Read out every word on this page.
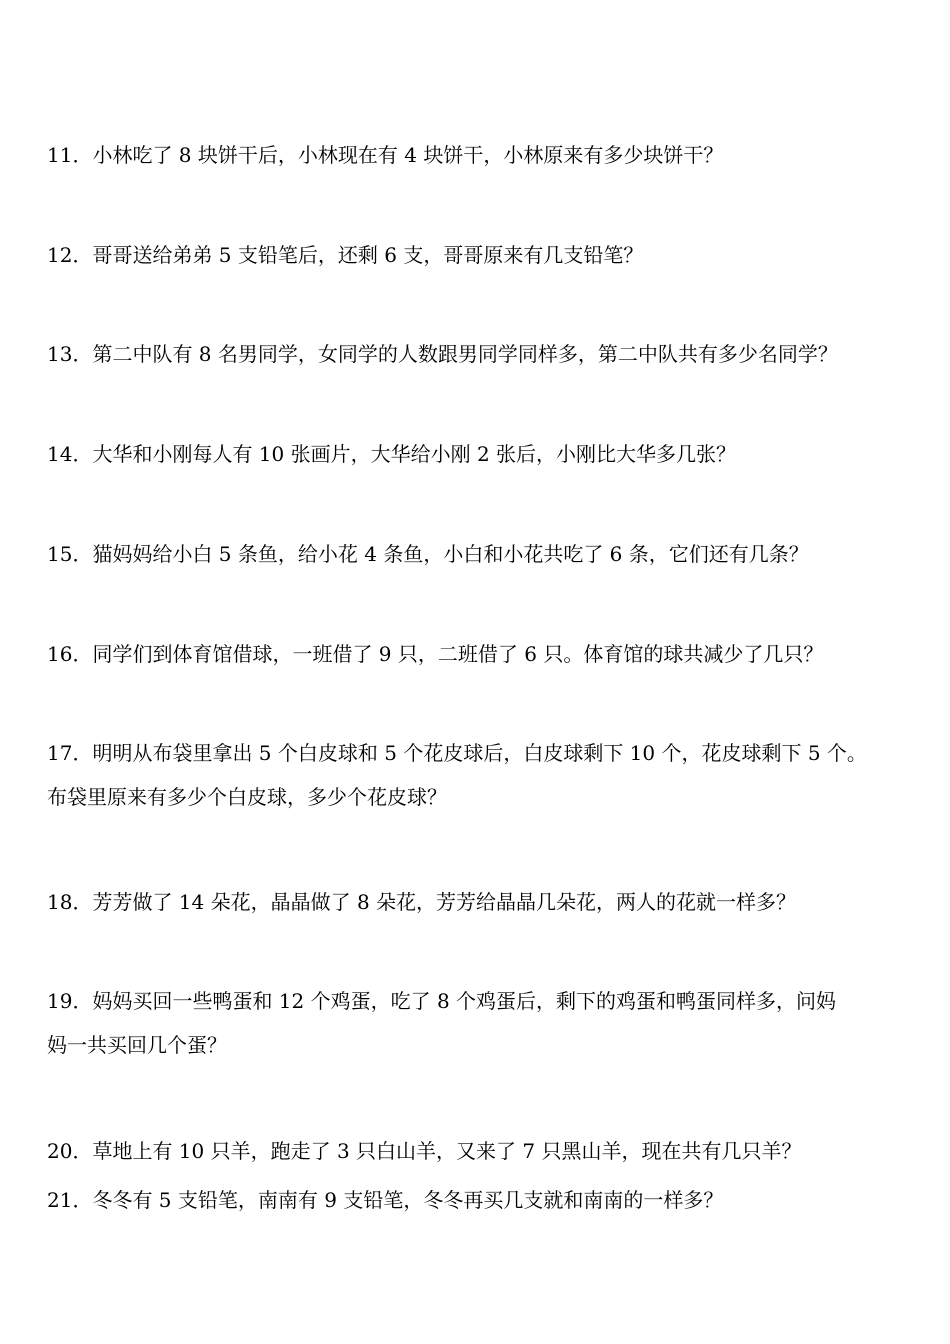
11．小林吃了 8 块饼干后，小林现在有 4 块饼干，小林原来有多少块饼干？
12．哥哥送给弟弟 5 支铅笔后，还剩 6 支，哥哥原来有几支铅笔？
13．第二中队有 8 名男同学，女同学的人数跟男同学同样多，第二中队共有多少名同学？
14．大华和小刚每人有 10 张画片，大华给小刚 2 张后，小刚比大华多几张？
15．猫妈妈给小白 5 条鱼，给小花 4 条鱼，小白和小花共吃了 6 条，它们还有几条？
16．同学们到体育馆借球，一班借了 9 只，二班借了 6 只。体育馆的球共减少了几只？
17．明明从布袋里拿出 5 个白皮球和 5 个花皮球后，白皮球剩下 10 个，花皮球剩下 5 个。
布袋里原来有多少个白皮球，多少个花皮球？
18．芳芳做了 14 朵花，晶晶做了 8 朵花，芳芳给晶晶几朵花，两人的花就一样多？
19．妈妈买回一些鸭蛋和 12 个鸡蛋，吃了 8 个鸡蛋后，剩下的鸡蛋和鸭蛋同样多，问妈
妈一共买回几个蛋？
20．草地上有 10 只羊，跑走了 3 只白山羊，又来了 7 只黑山羊，现在共有几只羊？
21．冬冬有 5 支铅笔，南南有 9 支铅笔，冬冬再买几支就和南南的一样多？
